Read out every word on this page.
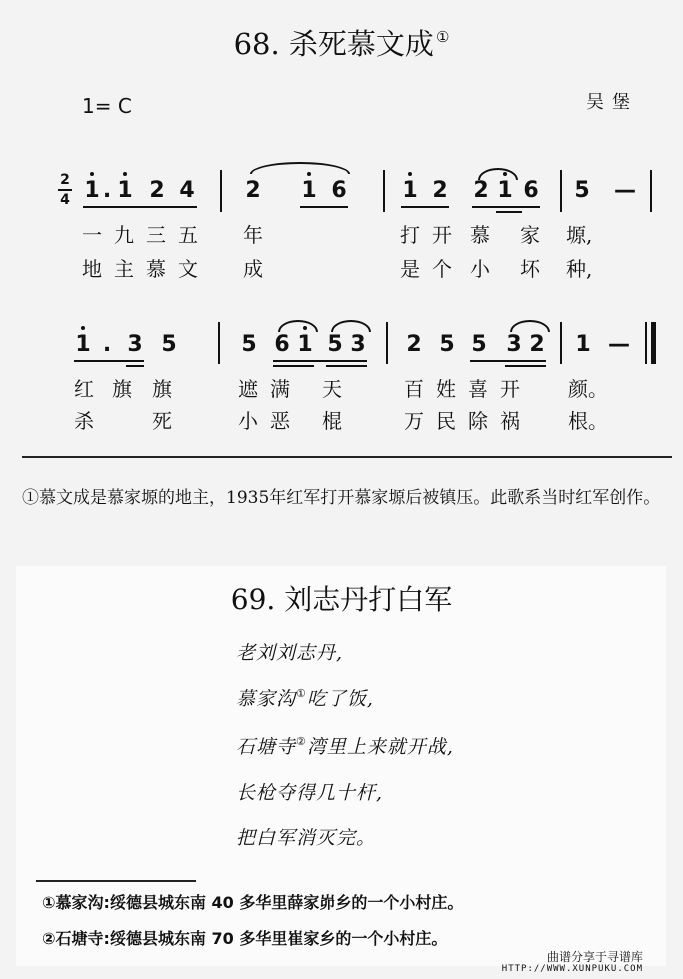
68. 杀死慕文成 ①
1= C	吴堡
2
4 1 . 1 2 4 2 1 6	1 2 2 1 6 5 —
一 九 三 五 年	打 开 慕 家 塬,
地 主 慕 文 成	是 个 小 坏 种,
1 . 3 5	5 6 1 5 3 2 5 5 3 2 1 —
红 旗 旗	遮 满 天	百 姓 喜 开 颜。
杀	死	小 恶 棍	万 民 除 祸 根。
①慕文成是慕家塬的地主，1935年红军打开慕家塬后被镇压。此歌系当时红军创作。
69. 刘志丹打白军
老刘刘志丹,
慕家沟①吃了饭,
石塘寺②湾里上来就开战,
长枪夺得几十杆,
把白军消灭完。
①慕家沟:绥德县城东南 40 多华里薛家峁乡的一个小村庄。
②石塘寺:绥德县城东南 70 多华里崔家乡的一个小村庄。
曲谱分享于寻谱库
HTTP://WWW.XUNPUKU.COM
